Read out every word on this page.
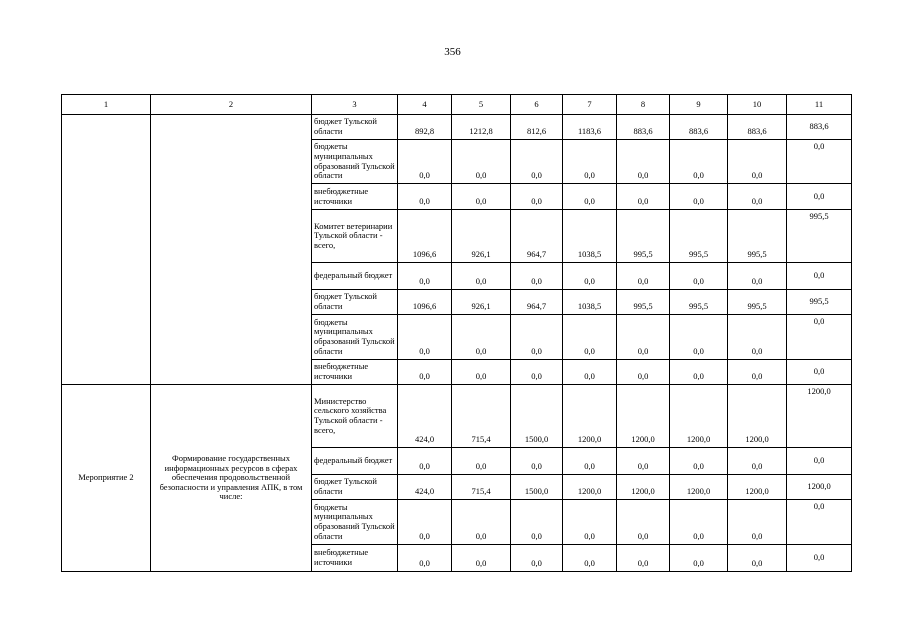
356
1	2	3	4	5	6	7	8	9	10	11
		бюджет Тульской области	892,8	1212,8	812,6	1183,6	883,6	883,6	883,6	883,6
		бюджеты муниципальных образований Тульской области	0,0	0,0	0,0	0,0	0,0	0,0	0,0	0,0
		внебюджетные источники	0,0	0,0	0,0	0,0	0,0	0,0	0,0	0,0
		Комитет ветеринарии Тульской области - всего,	1096,6	926,1	964,7	1038,5	995,5	995,5	995,5	995,5
		федеральный бюджет	0,0	0,0	0,0	0,0	0,0	0,0	0,0	0,0
		бюджет Тульской области	1096,6	926,1	964,7	1038,5	995,5	995,5	995,5	995,5
		бюджеты муниципальных образований Тульской области	0,0	0,0	0,0	0,0	0,0	0,0	0,0	0,0
		внебюджетные источники	0,0	0,0	0,0	0,0	0,0	0,0	0,0	0,0
Мероприятие 2	Формирование государственных информационных ресурсов в сферах обеспечения продовольственной безопасности и управления АПК, в том числе:	Министерство сельского хозяйства Тульской области - всего,	424,0	715,4	1500,0	1200,0	1200,0	1200,0	1200,0	1200,0
		федеральный бюджет	0,0	0,0	0,0	0,0	0,0	0,0	0,0	0,0
		бюджет Тульской области	424,0	715,4	1500,0	1200,0	1200,0	1200,0	1200,0	1200,0
		бюджеты муниципальных образований Тульской области	0,0	0,0	0,0	0,0	0,0	0,0	0,0	0,0
		внебюджетные источники	0,0	0,0	0,0	0,0	0,0	0,0	0,0	0,0
